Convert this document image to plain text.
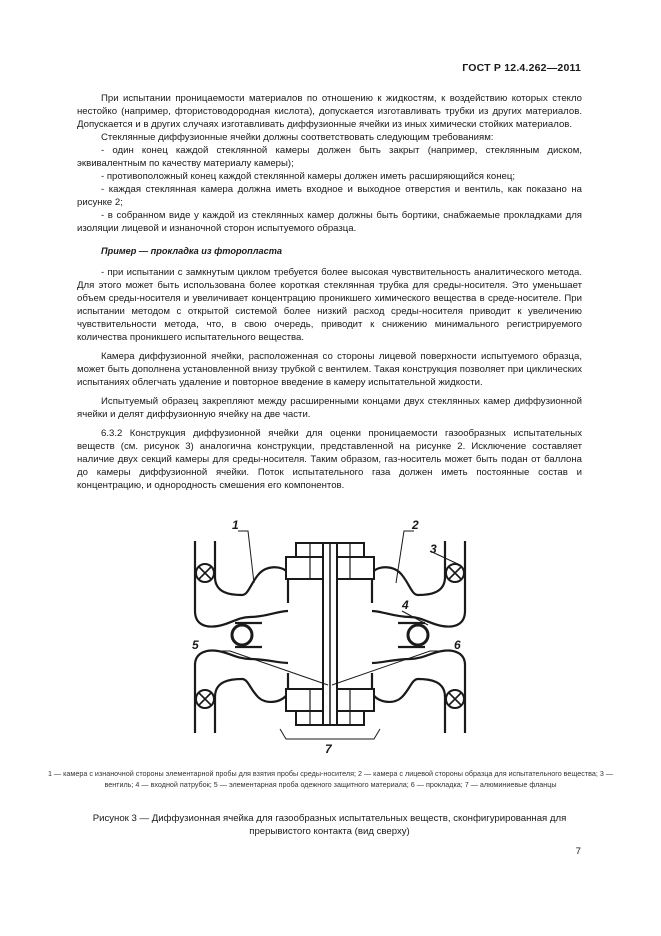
ГОСТ Р 12.4.262—2011

При испытании проницаемости материалов по отношению к жидкостям, к воздействию которых стекло нестойко (например, фтористоводородная кислота), допускается изготавливать трубки из других материалов. Допускается и в других случаях изготавливать диффузионные ячейки из иных химически стойких материалов.

Стеклянные диффузионные ячейки должны соответствовать следующим требованиям:

- один конец каждой стеклянной камеры должен быть закрыт (например, стеклянным диском, эквивалентным по качеству материалу камеры);

- противоположный конец каждой стеклянной камеры должен иметь расширяющийся конец;

- каждая стеклянная камера должна иметь входное и выходное отверстия и вентиль, как показано на рисунке 2;

- в собранном виде у каждой из стеклянных камер должны быть бортики, снабжаемые прокладками для изоляции лицевой и изнаночной сторон испытуемого образца.

Пример — прокладка из фторопласта

- при испытании с замкнутым циклом требуется более высокая чувствительность аналитического метода. Для этого может быть использована более короткая стеклянная трубка для среды-носителя. Это уменьшает объем среды-носителя и увеличивает концентрацию проникшего химического вещества в среде-носителе. При испытании методом с открытой системой более низкий расход среды-носителя приводит к увеличению чувствительности метода, что, в свою очередь, приводит к снижению минимального регистрируемого количества проникшего испытательного вещества.

Камера диффузионной ячейки, расположенная со стороны лицевой поверхности испытуемого образца, может быть дополнена установленной внизу трубкой с вентилем. Такая конструкция позволяет при циклических испытаниях облегчать удаление и повторное введение в камеру испытательной жидкости.

Испытуемый образец закрепляют между расширенными концами двух стеклянных камер диффузионной ячейки и делят диффузионную ячейку на две части.

6.3.2 Конструкция диффузионной ячейки для оценки проницаемости газообразных испытательных веществ (см. рисунок 3) аналогична конструкции, представленной на рисунке 2. Исключение составляет наличие двух секций камеры для среды-носителя. Таким образом, газ-носитель может быть подан от баллона до камеры диффузионной ячейки. Поток испытательного газа должен иметь постоянные состав и концентрацию, и однородность смешения его компонентов.

1	2
3
4
5	6
7
1 — камера с изнаночной стороны элементарной пробы для взятия пробы среды-носителя; 2 — камера с лицевой стороны образца для испытательного вещества; 3 —вентиль; 4 — входной патрубок; 5 — элементарная проба одежного защитного материала; 6 — прокладка; 7 — алюминиевые фланцы
Рисунок 3 — Диффузионная ячейка для газообразных испытательных веществ, сконфигурированная для прерывистого контакта (вид сверху)
7
